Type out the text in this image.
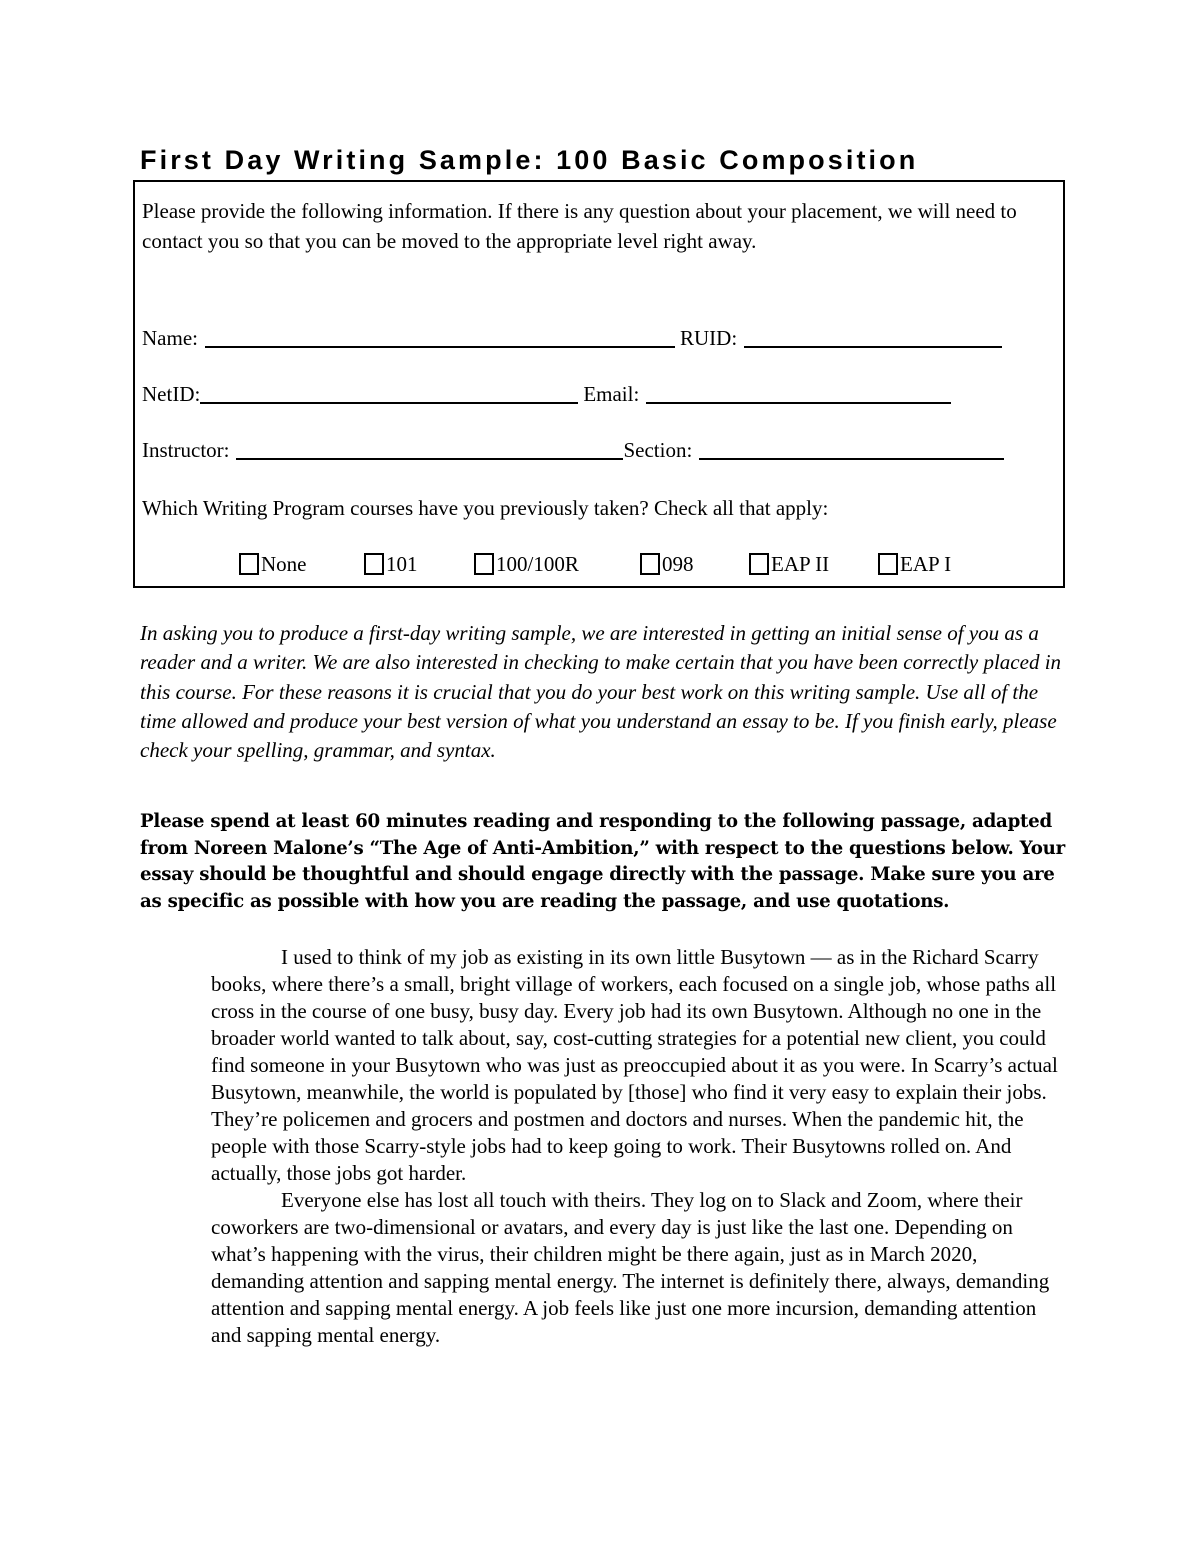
First Day Writing Sample: 100 Basic Composition

Please provide the following information. If there is any question about your placement, we will need to contact you so that you can be moved to the appropriate level right away.

Name:	RUID:
NetID:	Email:
Instructor:	Section:
Which Writing Program courses have you previously taken? Check all that apply:
None	101	100/100R	098	EAP II	EAP I

In asking you to produce a first-day writing sample, we are interested in getting an initial sense of you as a reader and a writer. We are also interested in checking to make certain that you have been correctly placed in this course. For these reasons it is crucial that you do your best work on this writing sample. Use all of the time allowed and produce your best version of what you understand an essay to be. If you finish early, please check your spelling, grammar, and syntax.

Please spend at least 60 minutes reading and responding to the following passage, adapted from Noreen Malone’s “The Age of Anti-Ambition,” with respect to the questions below. Your essay should be thoughtful and should engage directly with the passage. Make sure you are as specific as possible with how you are reading the passage, and use quotations.

I used to think of my job as existing in its own little Busytown — as in the Richard Scarry books, where there’s a small, bright village of workers, each focused on a single job, whose paths all cross in the course of one busy, busy day. Every job had its own Busytown. Although no one in the broader world wanted to talk about, say, cost-cutting strategies for a potential new client, you could find someone in your Busytown who was just as preoccupied about it as you were. In Scarry’s actual Busytown, meanwhile, the world is populated by [those] who find it very easy to explain their jobs. They’re policemen and grocers and postmen and doctors and nurses. When the pandemic hit, the people with those Scarry-style jobs had to keep going to work. Their Busytowns rolled on. And actually, those jobs got harder.

Everyone else has lost all touch with theirs. They log on to Slack and Zoom, where their coworkers are two-dimensional or avatars, and every day is just like the last one. Depending on what’s happening with the virus, their children might be there again, just as in March 2020, demanding attention and sapping mental energy. The internet is definitely there, always, demanding attention and sapping mental energy. A job feels like just one more incursion, demanding attention and sapping mental energy.
